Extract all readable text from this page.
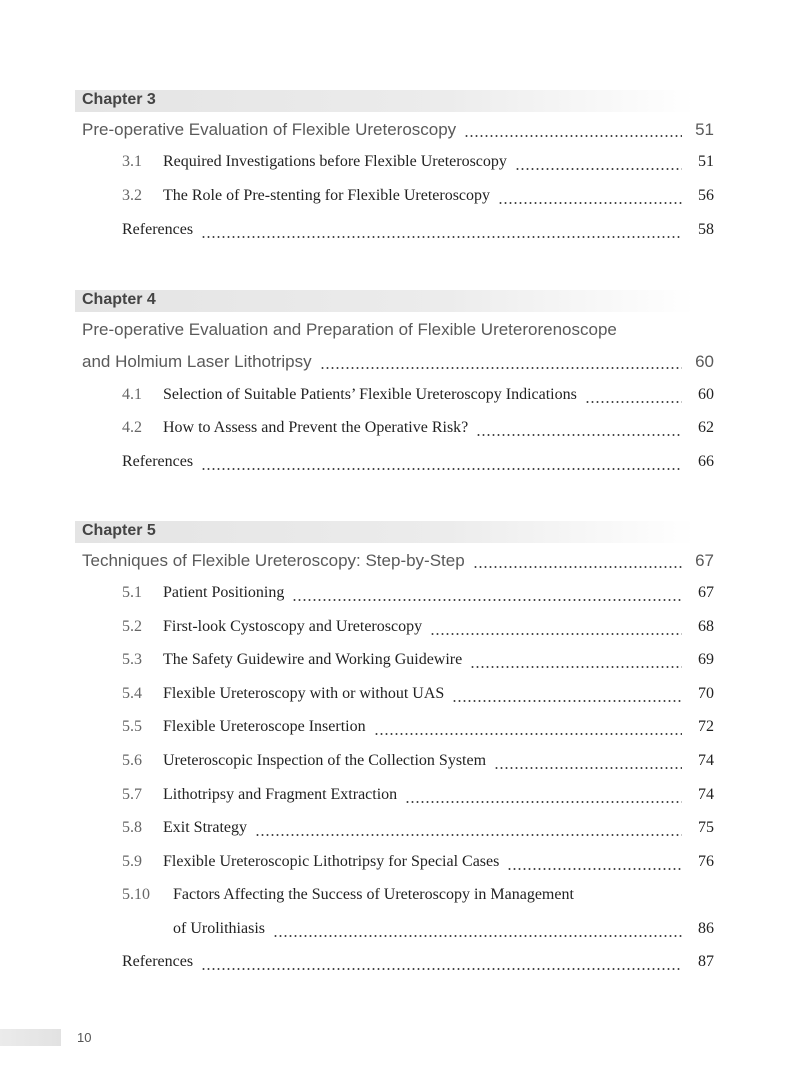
Chapter 3
Pre-operative Evaluation of Flexible Ureteroscopy	51
3.1	Required Investigations before Flexible Ureteroscopy	51
3.2	The Role of Pre-stenting for Flexible Ureteroscopy	56
References	58
Chapter 4
Pre-operative Evaluation and Preparation of Flexible Ureterorenoscope
and Holmium Laser Lithotripsy	60
4.1	Selection of Suitable Patients’ Flexible Ureteroscopy Indications	60
4.2	How to Assess and Prevent the Operative Risk?	62
References	66
Chapter 5
Techniques of Flexible Ureteroscopy: Step-by-Step	67
5.1	Patient Positioning	67
5.2	First-look Cystoscopy and Ureteroscopy	68
5.3	The Safety Guidewire and Working Guidewire	69
5.4	Flexible Ureteroscopy with or without UAS	70
5.5	Flexible Ureteroscope Insertion	72
5.6	Ureteroscopic Inspection of the Collection System	74
5.7	Lithotripsy and Fragment Extraction	74
5.8	Exit Strategy	75
5.9	Flexible Ureteroscopic Lithotripsy for Special Cases	76
5.10	Factors Affecting the Success of Ureteroscopy in Management
of Urolithiasis	86
References	87
10
